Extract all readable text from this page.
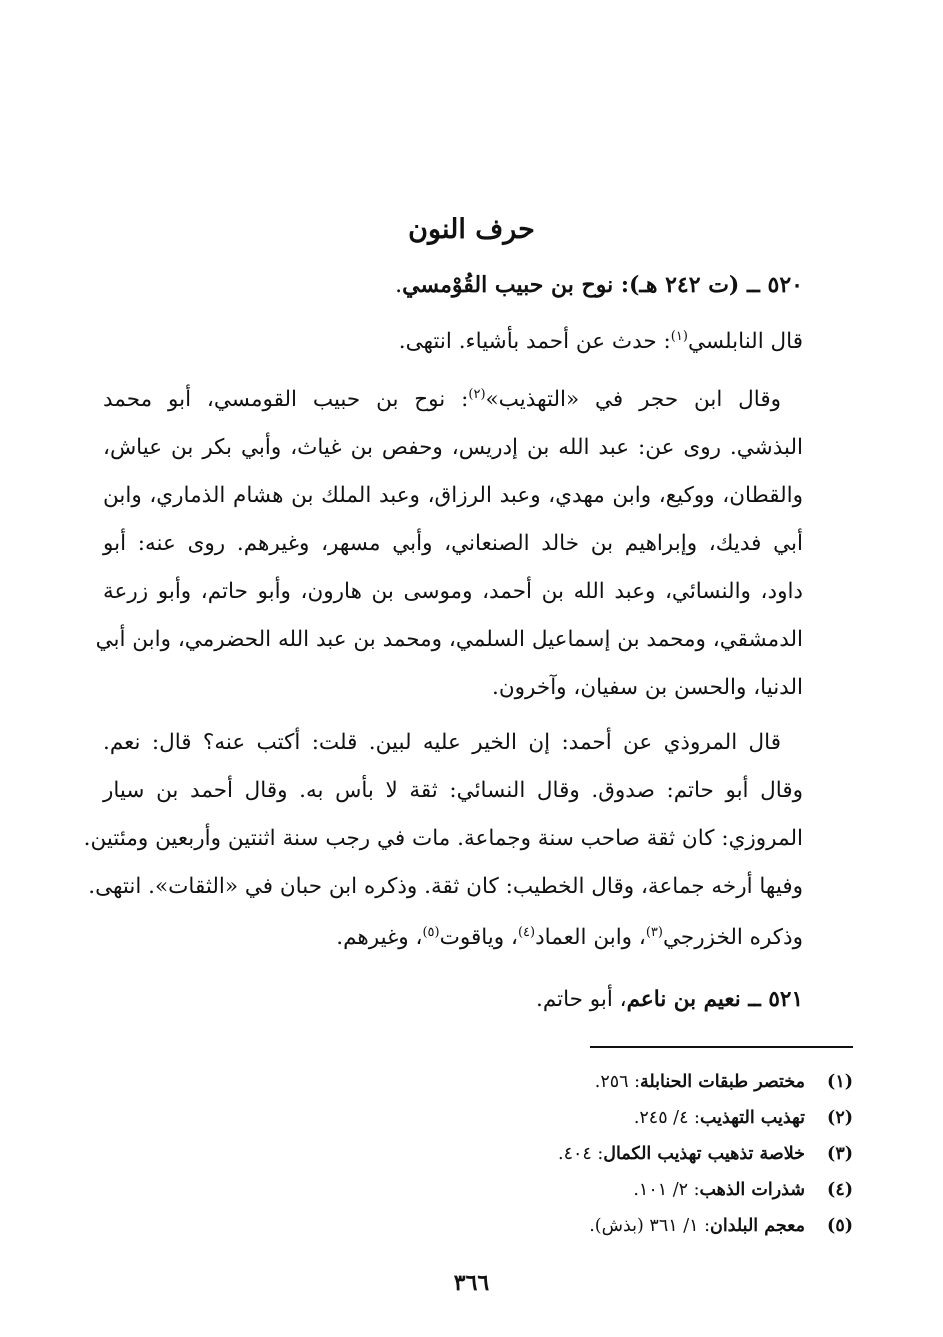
حرف النون
٥٢٠ ــ (ت ٢٤٢ هـ): نوح بن حبيب القُوْمسي.
قال النابلسي$^{(١)}$: حدث عن أحمد بأشياء. انتهى.
وقال ابن حجر في «التهذيب»$^{(٢)}$: نوح بن حبيب القومسي، أبو محمد
البذشي. روى عن: عبد الله بن إدريس، وحفص بن غياث، وأبي بكر بن عياش،
والقطان، ووكيع، وابن مهدي، وعبد الرزاق، وعبد الملك بن هشام الذماري، وابن
أبي فديك، وإبراهيم بن خالد الصنعاني، وأبي مسهر، وغيرهم. روى عنه: أبو
داود، والنسائي، وعبد الله بن أحمد، وموسى بن هارون، وأبو حاتم، وأبو زرعة
الدمشقي، ومحمد بن إسماعيل السلمي، ومحمد بن عبد الله الحضرمي، وابن أبي
الدنيا، والحسن بن سفيان، وآخرون.
قال المروذي عن أحمد: إن الخير عليه لبين. قلت: أكتب عنه؟ قال: نعم.
وقال أبو حاتم: صدوق. وقال النسائي: ثقة لا بأس به. وقال أحمد بن سيار
المروزي: كان ثقة صاحب سنة وجماعة. مات في رجب سنة اثنتين وأربعين ومئتين.
وفيها أرخه جماعة، وقال الخطيب: كان ثقة. وذكره ابن حبان في «الثقات». انتهى.
وذكره الخزرجي$^{(٣)}$، وابن العماد$^{(٤)}$، وياقوت$^{(٥)}$، وغيرهم.
٥٢١ ــ نعيم بن ناعم، أبو حاتم.
(١)مختصر طبقات الحنابلة: ٢٥٦.
(٢)تهذيب التهذيب: ٤/ ٢٤٥.
(٣)خلاصة تذهيب تهذيب الكمال: ٤٠٤.
(٤)شذرات الذهب: ٢/ ١٠١.
(٥)معجم البلدان: ١/ ٣٦١ (بذش).
٣٦٦
